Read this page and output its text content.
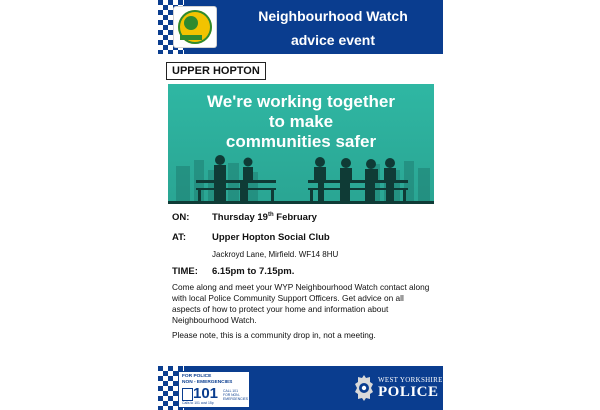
Neighbourhood Watch
advice event
UPPER HOPTON
We're working together
to make
communities safer
ON: Thursday 19th February
AT:	Upper Hopton Social Club
Jackroyd Lane, Mirfield. WF14 8HU
TIME: 6.15pm to 7.15pm.
Come along and meet your WYP Neighbourhood Watch contact along with local Police Community Support Officers. Get advice on all aspects of how to protect your home and information about Neighbourhood Watch.
Please note, this is a community drop in, not a meeting.
FOR POLICE
NON - EMERGENCIES
101 CALL 101 FOR NON-EMERGENCIES
Calls to 101 cost 15p
WEST YORKSHIRE
POLICE
